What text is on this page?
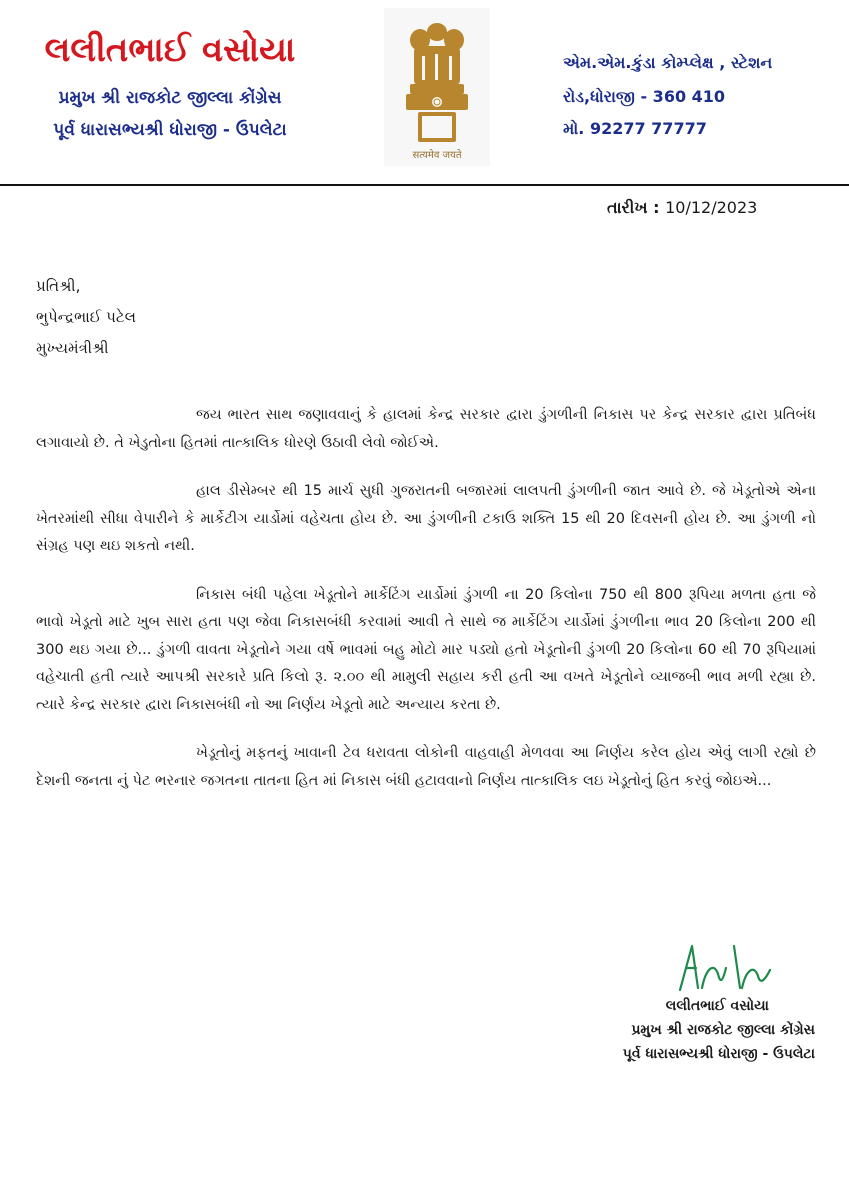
લલીતભાઈ વસોયા
પ્રમુખ શ્રી રાજકોટ જીલ્લા કોંગ્રેસ
પૂર્વ ધારાસભ્યશ્રી ધોરાજી - ઉપલેટા
सत्यमेव जयते
એમ.એમ.કુંડા કોમ્પ્લેક્ષ , સ્ટેશન
રોડ,ધોરાજી - 360 410
મો. 92277 77777
તારીખ : 10/12/2023
પ્રતિશ્રી,
ભુપેન્દ્રભાઈ પટેલ
મુખ્યમંત્રીશ્રી

જય ભારત સાથ જણાવવાનું કે હાલમાં કેન્દ્ર સરકાર દ્વારા ડુંગળીની નિકાસ પર કેન્દ્ર સરકાર દ્વારા પ્રતિબંધ લગાવાયો છે. તે ખેડુતોના હિતમાં તાત્કાલિક ધોરણે ઉઠાવી લેવો જોઈએ.

હાલ ડીસેમ્બર થી 15 માર્ચ સુધી ગુજરાતની બજારમાં લાલપતી ડુંગળીની જાત આવે છે. જે ખેડૂતોએ એના ખેતરમાંથી સીધા વેપારીને કે માર્કેટીગ યાર્ડોમાં વહેચતા હોય છે. આ ડુંગળીની ટકાઉ શક્તિ 15 થી 20 દિવસની હોય છે. આ ડુંગળી નો સંગ્રહ પણ થઇ શકતો નથી.

નિકાસ બંધી પહેલા ખેડૂતોને માર્કેટિંગ યાર્ડોમાં ડુંગળી ના 20 કિલોના 750 થી 800 રૂપિયા મળતા હતા જે ભાવો ખેડૂતો માટે ખુબ સારા હતા પણ જેવા નિકાસબંધી કરવામાં આવી તે સાથે જ માર્કેટિંગ યાર્ડોમાં ડુંગળીના ભાવ 20 કિલોના 200 થી 300 થઇ ગયા છે... ડુંગળી વાવતા ખેડૂતોને ગયા વર્ષે ભાવમાં બહુ મોટો માર પડ્યો હતો ખેડૂતોની ડુંગળી 20 કિલોના 60 થી 70 રૂપિયામાં વહેચાતી હતી ત્યારે આપશ્રી સરકારે પ્રતિ કિલો રૂ. ૨.૦૦ થી મામુલી સહાય કરી હતી આ વખતે ખેડૂતોને વ્યાજબી ભાવ મળી રહ્યા છે. ત્યારે કેન્દ્ર સરકાર દ્વારા નિકાસબંધી નો આ નિર્ણય ખેડૂતો માટે અન્યાય કરતા છે.

ખેડૂતોનું મફતનું ખાવાની ટેવ ધરાવતા લોકોની વાહવાહી મેળવવા આ નિર્ણય કરેલ હોય એવું લાગી રહ્યો છે દેશની જનતા નું પેટ ભરનાર જગતના તાતના હિત માં નિકાસ બંધી હટાવવાનો નિર્ણય તાત્કાલિક લઇ ખેડૂતોનું હિત કરવું જોઇએ...

લલીતભાઈ વસોયા
પ્રમુખ શ્રી રાજકોટ જીલ્લા કોંગ્રેસ
પૂર્વ ધારાસભ્યશ્રી ધોરાજી - ઉપલેટા
